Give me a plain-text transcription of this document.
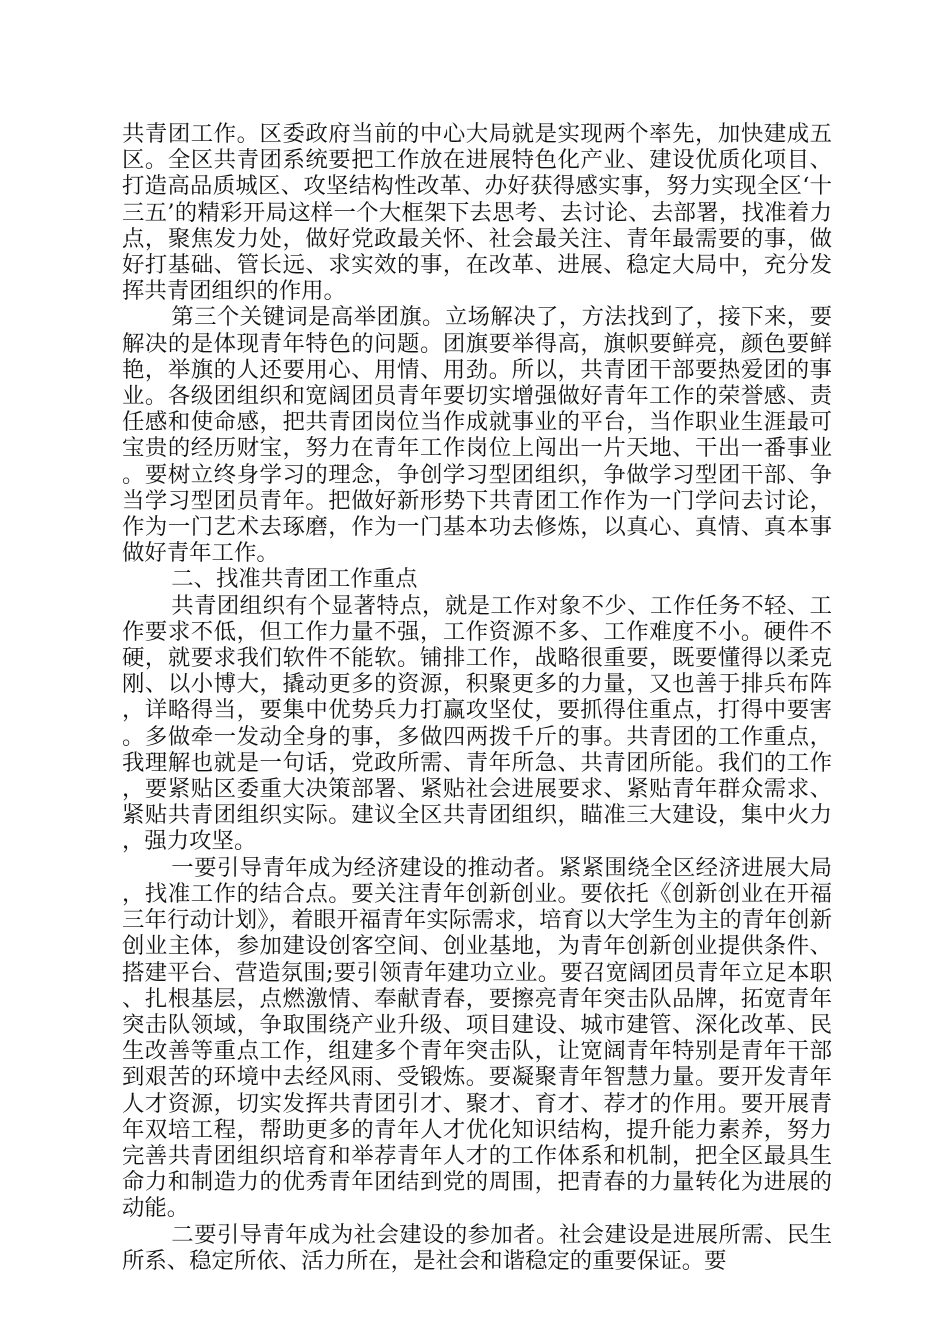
共青团工作。区委政府当前的中心大局就是实现两个率先，加快建成五区。全区共青团系统要把工作放在进展特色化产业、建设优质化项目、打造高品质城区、攻坚结构性改革、办好获得感实事，努力实现全区‘十三五’的精彩开局这样一个大框架下去思考、去讨论、去部署，找准着力点，聚焦发力处，做好党政最关怀、社会最关注、青年最需要的事，做好打基础、管长远、求实效的事，在改革、进展、稳定大局中，充分发挥共青团组织的作用。

第三个关键词是高举团旗。立场解决了，方法找到了，接下来，要解决的是体现青年特色的问题。团旗要举得高，旗帜要鲜亮，颜色要鲜艳，举旗的人还要用心、用情、用劲。所以，共青团干部要热爱团的事业。各级团组织和宽阔团员青年要切实增强做好青年工作的荣誉感、责任感和使命感，把共青团岗位当作成就事业的平台，当作职业生涯最可宝贵的经历财宝，努力在青年工作岗位上闯出一片天地、干出一番事业。要树立终身学习的理念，争创学习型团组织，争做学习型团干部、争当学习型团员青年。把做好新形势下共青团工作作为一门学问去讨论，作为一门艺术去琢磨，作为一门基本功去修炼，以真心、真情、真本事做好青年工作。

二、找准共青团工作重点

共青团组织有个显著特点，就是工作对象不少、工作任务不轻、工作要求不低，但工作力量不强，工作资源不多、工作难度不小。硬件不硬，就要求我们软件不能软。铺排工作，战略很重要，既要懂得以柔克刚、以小博大，撬动更多的资源，积聚更多的力量，又也善于排兵布阵，详略得当，要集中优势兵力打赢攻坚仗，要抓得住重点，打得中要害。多做牵一发动全身的事，多做四两拨千斤的事。共青团的工作重点，我理解也就是一句话，党政所需、青年所急、共青团所能。我们的工作，要紧贴区委重大决策部署、紧贴社会进展要求、紧贴青年群众需求、紧贴共青团组织实际。建议全区共青团组织，瞄准三大建设，集中火力，强力攻坚。

一要引导青年成为经济建设的推动者。紧紧围绕全区经济进展大局，找准工作的结合点。要关注青年创新创业。要依托《创新创业在开福三年行动计划》，着眼开福青年实际需求，培育以大学生为主的青年创新创业主体，参加建设创客空间、创业基地，为青年创新创业提供条件、搭建平台、营造氛围;要引领青年建功立业。要召宽阔团员青年立足本职、扎根基层，点燃激情、奉献青春，要擦亮青年突击队品牌，拓宽青年突击队领域，争取围绕产业升级、项目建设、城市建管、深化改革、民生改善等重点工作，组建多个青年突击队，让宽阔青年特别是青年干部到艰苦的环境中去经风雨、受锻炼。要凝聚青年智慧力量。要开发青年人才资源，切实发挥共青团引才、聚才、育才、荐才的作用。要开展青年双培工程，帮助更多的青年人才优化知识结构，提升能力素养，努力完善共青团组织培育和举荐青年人才的工作体系和机制，把全区最具生命力和制造力的优秀青年团结到党的周围，把青春的力量转化为进展的动能。

二要引导青年成为社会建设的参加者。社会建设是进展所需、民生所系、稳定所依、活力所在，是社会和谐稳定的重要保证。要
